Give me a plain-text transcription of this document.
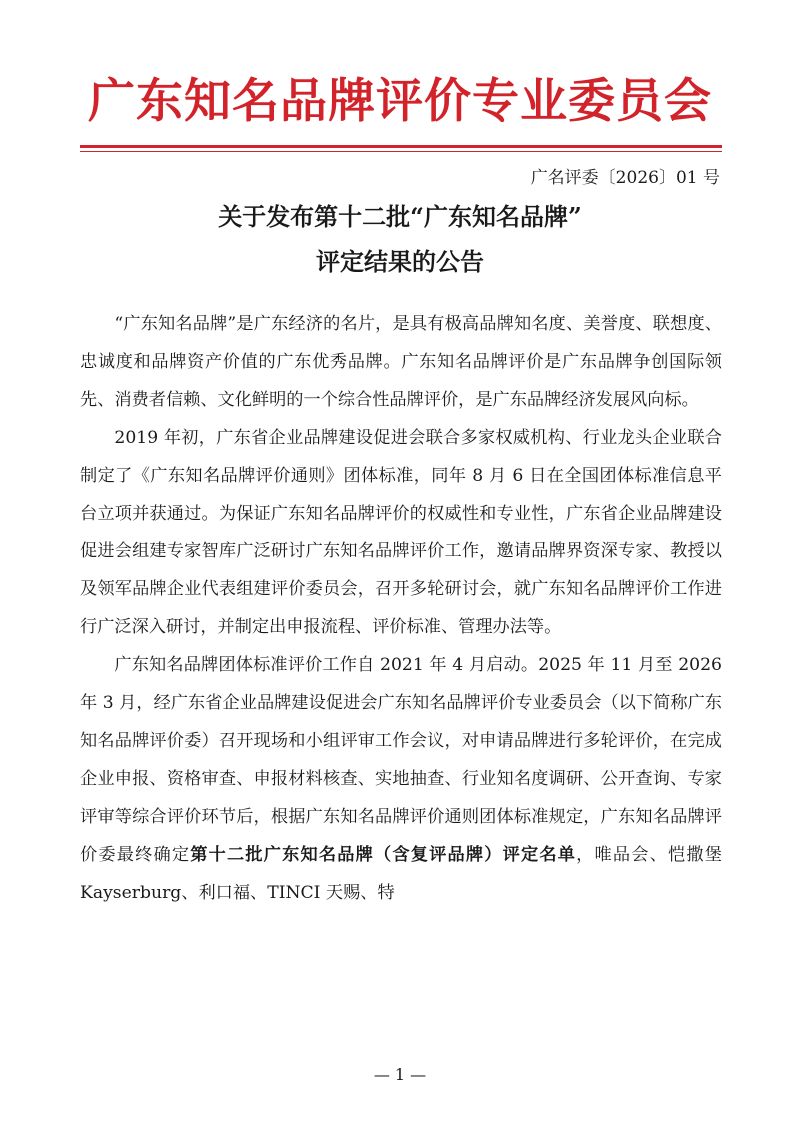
广东知名品牌评价专业委员会
广名评委〔2026〕01 号
关于发布第十二批“广东知名品牌”
评定结果的公告

“广东知名品牌”是广东经济的名片，是具有极高品牌知名度、美誉度、联想度、忠诚度和品牌资产价值的广东优秀品牌。广东知名品牌评价是广东品牌争创国际领先、消费者信赖、文化鲜明的一个综合性品牌评价，是广东品牌经济发展风向标。

2019 年初，广东省企业品牌建设促进会联合多家权威机构、行业龙头企业联合制定了《广东知名品牌评价通则》团体标准，同年 8 月 6 日在全国团体标准信息平台立项并获通过。为保证广东知名品牌评价的权威性和专业性，广东省企业品牌建设促进会组建专家智库广泛研讨广东知名品牌评价工作，邀请品牌界资深专家、教授以及领军品牌企业代表组建评价委员会，召开多轮研讨会，就广东知名品牌评价工作进行广泛深入研讨，并制定出申报流程、评价标准、管理办法等。

广东知名品牌团体标准评价工作自 2021 年 4 月启动。2025 年 11 月至 2026 年 3 月，经广东省企业品牌建设促进会广东知名品牌评价专业委员会（以下简称广东知名品牌评价委）召开现场和小组评审工作会议，对申请品牌进行多轮评价，在完成企业申报、资格审查、申报材料核查、实地抽查、行业知名度调研、公开查询、专家评审等综合评价环节后，根据广东知名品牌评价通则团体标准规定，广东知名品牌评价委最终确定第十二批广东知名品牌（含复评品牌）评定名单，唯品会、恺撒堡 Kayserburg、利口福、TINCI 天赐、特

— 1 —
